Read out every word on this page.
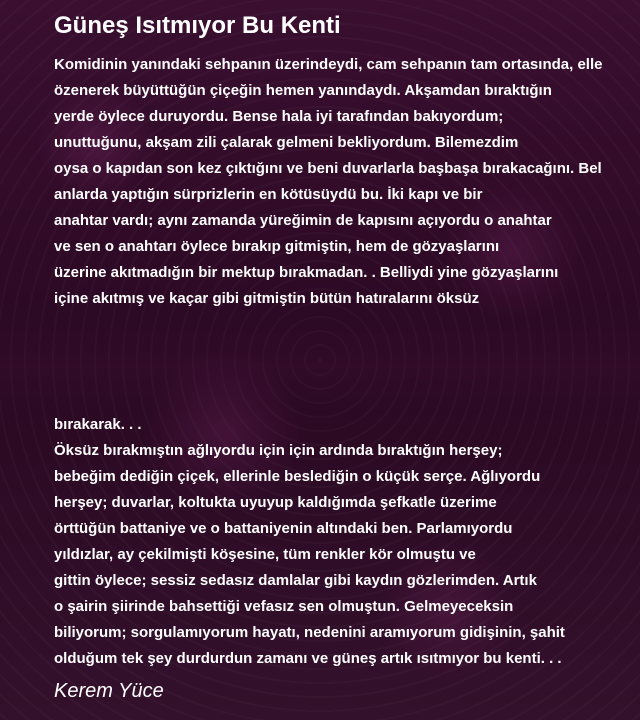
Güneş Isıtmıyor Bu Kenti
Komidinin yanındaki sehpanın üzerindeydi, cam sehpanın tam ortasında, elle
özenerek büyüttüğün çiçeğin hemen yanındaydı. Akşamdan bıraktığın
yerde öylece duruyordu. Bense hala iyi tarafından bakıyordum;
unuttuğunu, akşam zili çalarak gelmeni bekliyordum. Bilemezdim
oysa o kapıdan son kez çıktığını ve beni duvarlarla başbaşa bırakacağını. Bel
anlarda yaptığın sürprizlerin en kötüsüydü bu. İki kapı ve bir
anahtar vardı; aynı zamanda yüreğimin de kapısını açıyordu o anahtar
ve sen o anahtarı öylece bırakıp gitmiştin, hem de gözyaşlarını
üzerine akıtmadığın bir mektup bırakmadan. . Belliydi yine gözyaşlarını
içine akıtmış ve kaçar gibi gitmiştin bütün hatıralarını öksüz
bırakarak. . .
Öksüz bırakmıştın ağlıyordu için için ardında bıraktığın herşey;
bebeğim dediğin çiçek, ellerinle beslediğin o küçük serçe. Ağlıyordu
herşey; duvarlar, koltukta uyuyup kaldığımda şefkatle üzerime
örttüğün battaniye ve o battaniyenin altındaki ben. Parlamıyordu
yıldızlar, ay çekilmişti köşesine, tüm renkler kör olmuştu ve
gittin öylece; sessiz sedasız damlalar gibi kaydın gözlerimden. Artık
o şairin şiirinde bahsettiği vefasız sen olmuştun. Gelmeyeceksin
biliyorum; sorgulamıyorum hayatı, nedenini aramıyorum gidişinin, şahit
olduğum tek şey durdurdun zamanı ve güneş artık ısıtmıyor bu kenti. . .
Kerem Yüce
